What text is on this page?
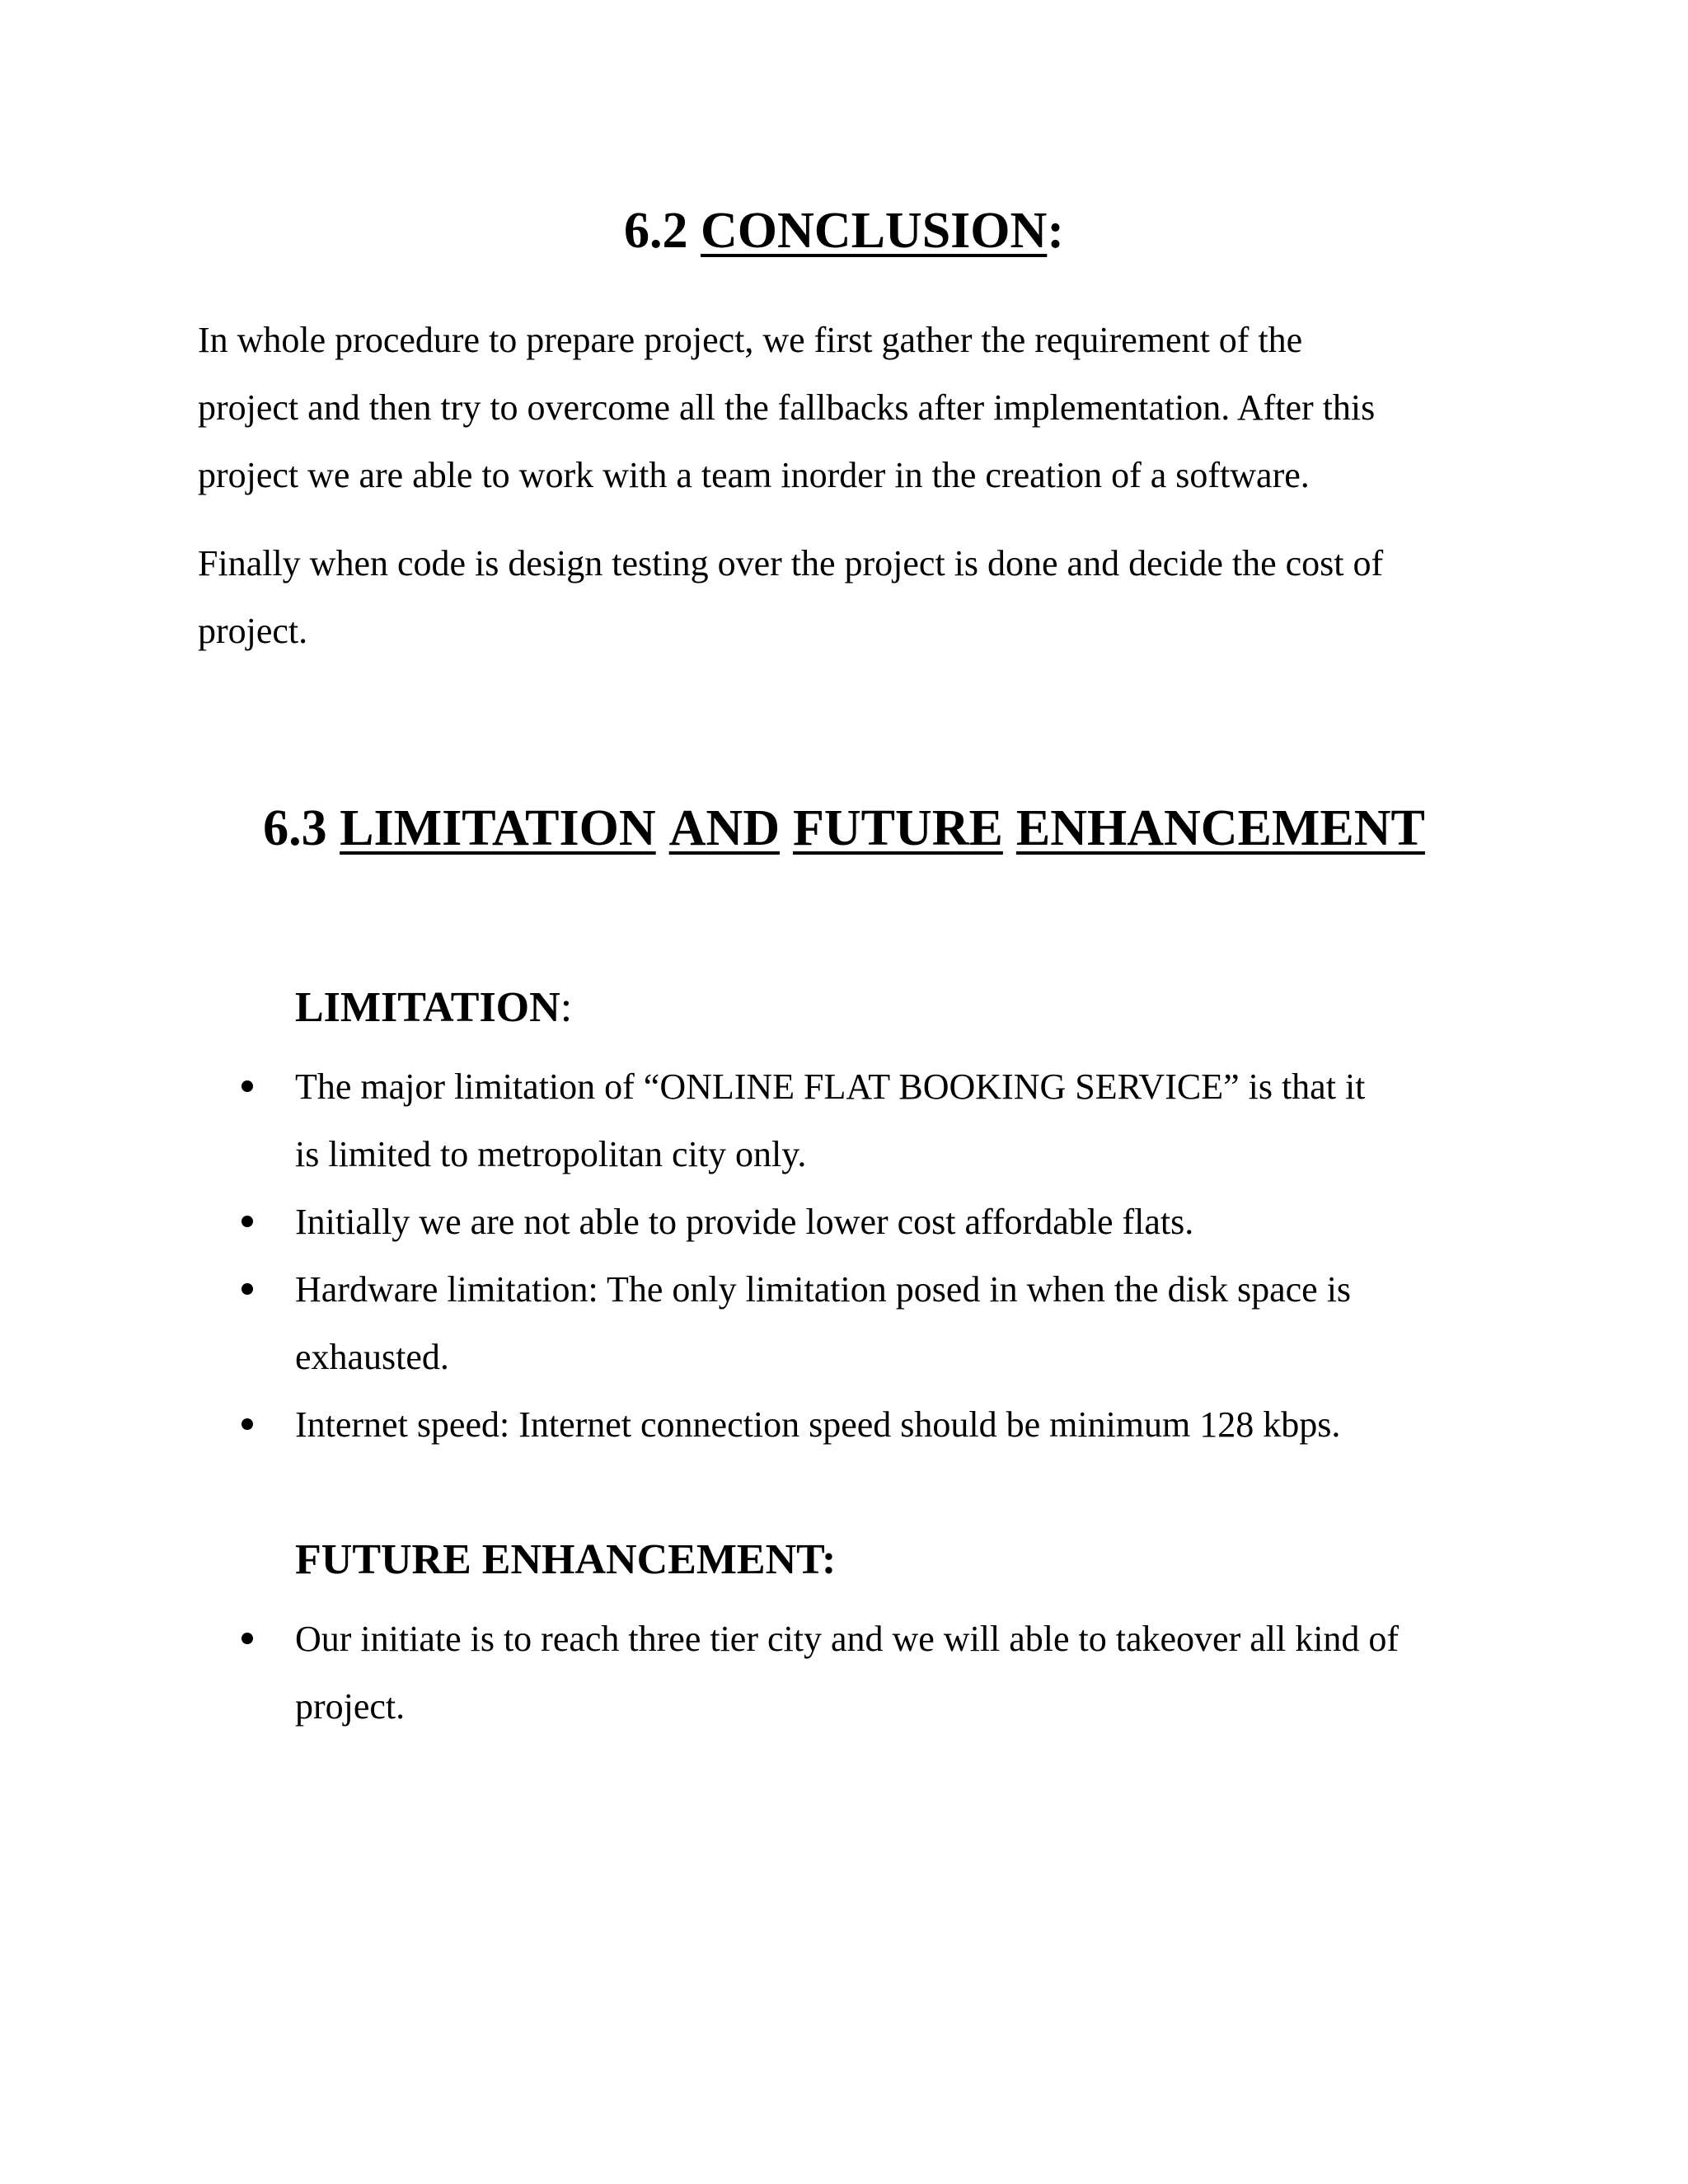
6.2 CONCLUSION:

In whole procedure to prepare project, we first gather the requirement of the
project and then try to overcome all the fallbacks after implementation. After this
project we are able to work with a team inorder in the creation of a software.

Finally when code is design testing over the project is done and decide the cost of
project.

6.3 LIMITATION AND FUTURE ENHANCEMENT
LIMITATION:
The major limitation of “ONLINE FLAT BOOKING SERVICE” is that it
is limited to metropolitan city only.
Initially we are not able to provide lower cost affordable flats.
Hardware limitation: The only limitation posed in when the disk space is
exhausted.
Internet speed: Internet connection speed should be minimum 128 kbps.
FUTURE ENHANCEMENT:
Our initiate is to reach three tier city and we will able to takeover all kind of
project.
